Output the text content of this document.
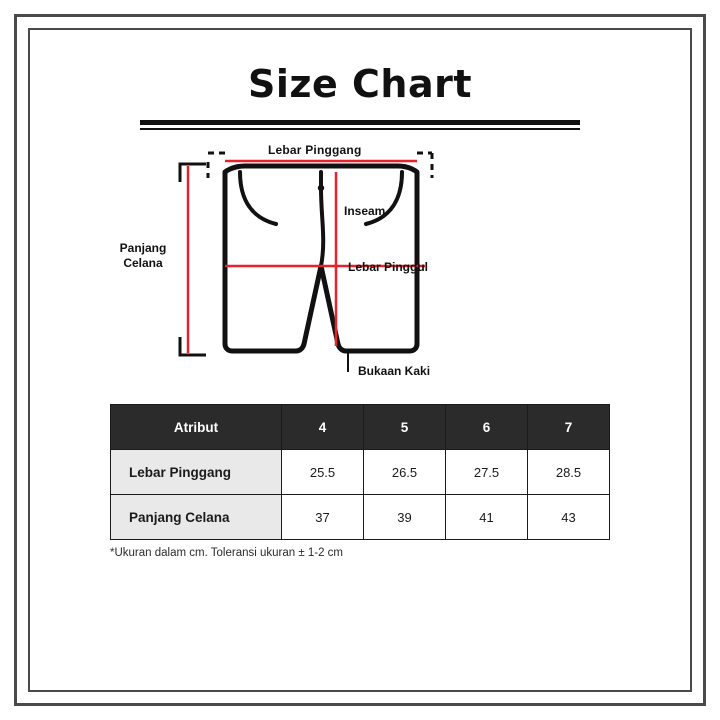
Size Chart
Lebar Pinggang
Inseam
Lebar Pinggul
Panjang
Celana
Bukaan Kaki
Atribut	4	5	6	7
Lebar Pinggang	25.5	26.5	27.5	28.5
Panjang Celana	37	39	41	43
*Ukuran dalam cm. Toleransi ukuran ± 1-2 cm
